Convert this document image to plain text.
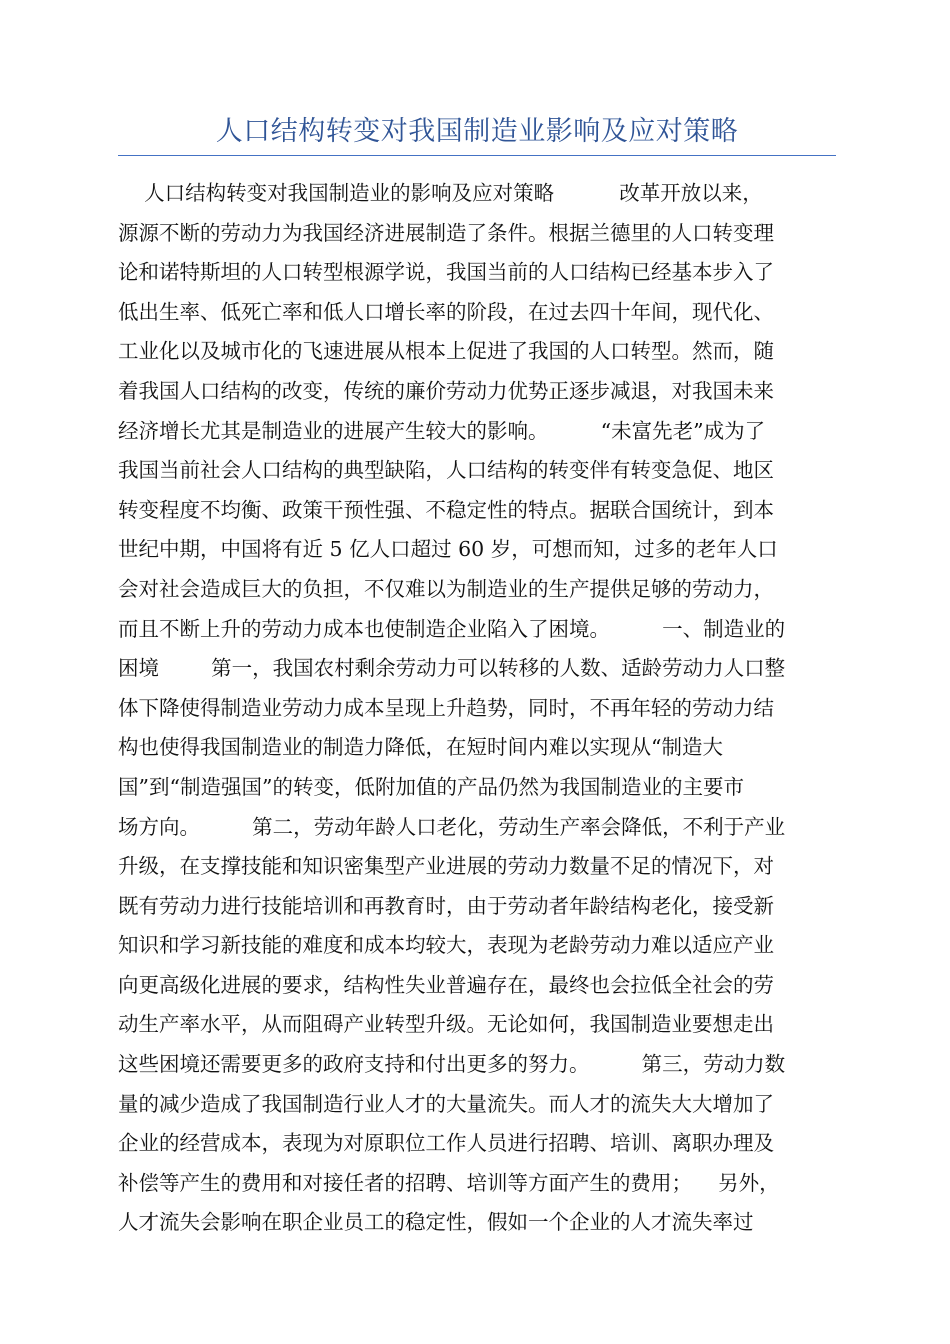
人口结构转变对我国制造业影响及应对策略
人口结构转变对我国制造业的影响及应对策略          改革开放以来，
源源不断的劳动力为我国经济进展制造了条件。根据兰德里的人口转变理
论和诺特斯坦的人口转型根源学说，我国当前的人口结构已经基本步入了
低出生率、低死亡率和低人口增长率的阶段，在过去四十年间，现代化、
工业化以及城市化的飞速进展从根本上促进了我国的人口转型。然而，随
着我国人口结构的改变，传统的廉价劳动力优势正逐步减退，对我国未来
经济增长尤其是制造业的进展产生较大的影响。        “未富先老”成为了
我国当前社会人口结构的典型缺陷，人口结构的转变伴有转变急促、地区
转变程度不均衡、政策干预性强、不稳定性的特点。据联合国统计，到本
世纪中期，中国将有近 5 亿人口超过 60 岁，可想而知，过多的老年人口
会对社会造成巨大的负担，不仅难以为制造业的生产提供足够的劳动力，
而且不断上升的劳动力成本也使制造企业陷入了困境。        一、制造业的
困境        第一，我国农村剩余劳动力可以转移的人数、适龄劳动力人口整
体下降使得制造业劳动力成本呈现上升趋势，同时，不再年轻的劳动力结
构也使得我国制造业的制造力降低，在短时间内难以实现从“制造大
国”到“制造强国”的转变，低附加值的产品仍然为我国制造业的主要市
场方向。        第二，劳动年龄人口老化，劳动生产率会降低，不利于产业
升级，在支撑技能和知识密集型产业进展的劳动力数量不足的情况下，对
既有劳动力进行技能培训和再教育时，由于劳动者年龄结构老化，接受新
知识和学习新技能的难度和成本均较大，表现为老龄劳动力难以适应产业
向更高级化进展的要求，结构性失业普遍存在，最终也会拉低全社会的劳
动生产率水平，从而阻碍产业转型升级。无论如何，我国制造业要想走出
这些困境还需要更多的政府支持和付出更多的努力。        第三，劳动力数
量的减少造成了我国制造行业人才的大量流失。而人才的流失大大增加了
企业的经营成本，表现为对原职位工作人员进行招聘、培训、离职办理及
补偿等产生的费用和对接任者的招聘、培训等方面产生的费用；    另外，
人才流失会影响在职企业员工的稳定性，假如一个企业的人才流失率过
